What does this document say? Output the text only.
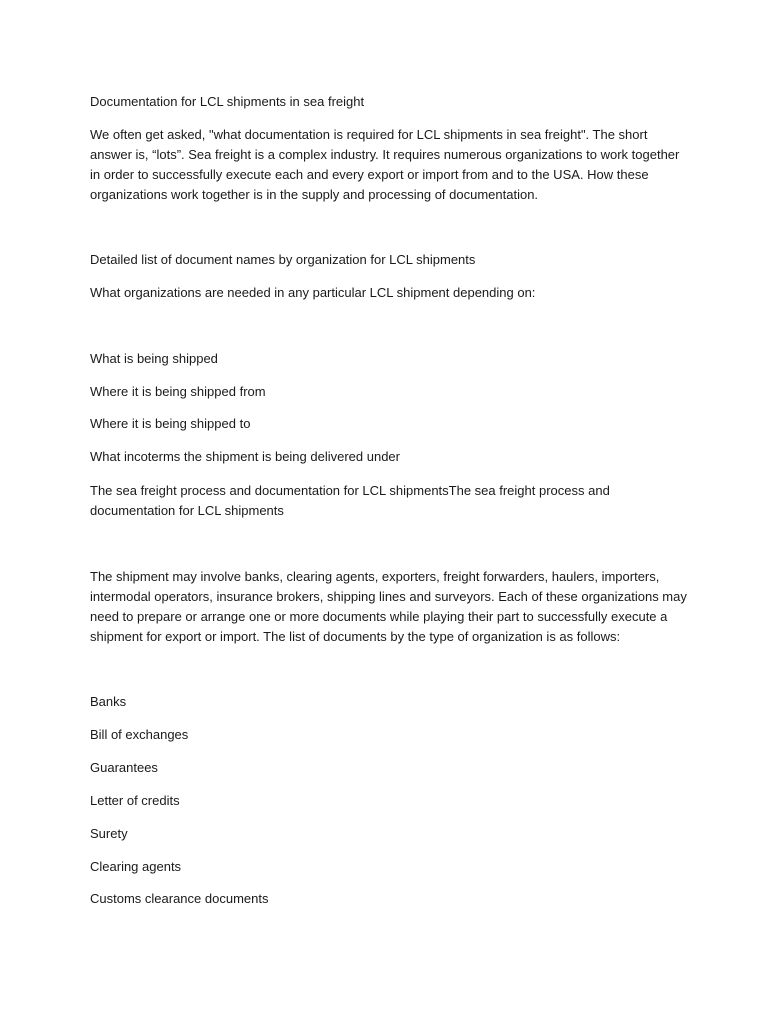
Documentation for LCL shipments in sea freight

We often get asked, "what documentation is required for LCL shipments in sea freight". The short answer is, “lots”. Sea freight is a complex industry. It requires numerous organizations to work together in order to successfully execute each and every export or import from and to the USA. How these organizations work together is in the supply and processing of documentation.

Detailed list of document names by organization for LCL shipments

What organizations are needed in any particular LCL shipment depending on:

What is being shipped

Where it is being shipped from

Where it is being shipped to

What incoterms the shipment is being delivered under

The sea freight process and documentation for LCL shipmentsThe sea freight process and documentation for LCL shipments

The shipment may involve banks, clearing agents, exporters, freight forwarders, haulers, importers, intermodal operators, insurance brokers, shipping lines and surveyors. Each of these organizations may need to prepare or arrange one or more documents while playing their part to successfully execute a shipment for export or import. The list of documents by the type of organization is as follows:

Banks

Bill of exchanges

Guarantees

Letter of credits

Surety

Clearing agents

Customs clearance documents
